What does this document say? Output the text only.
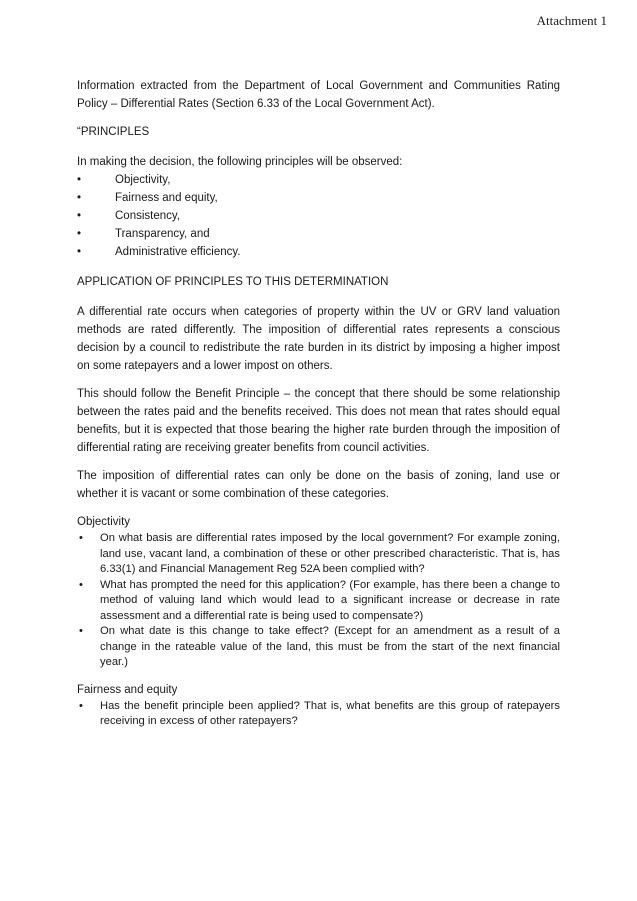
Attachment 1

Information extracted from the Department of Local Government and Communities Rating Policy – Differential Rates (Section 6.33 of the Local Government Act).

“PRINCIPLES

In making the decision, the following principles will be observed:

•	Objectivity,
•	Fairness and equity,
•	Consistency,
•	Transparency, and
•	Administrative efficiency.

APPLICATION OF PRINCIPLES TO THIS DETERMINATION

A differential rate occurs when categories of property within the UV or GRV land valuation methods are rated differently. The imposition of differential rates represents a conscious decision by a council to redistribute the rate burden in its district by imposing a higher impost on some ratepayers and a lower impost on others.

This should follow the Benefit Principle – the concept that there should be some relationship between the rates paid and the benefits received. This does not mean that rates should equal benefits, but it is expected that those bearing the higher rate burden through the imposition of differential rating are receiving greater benefits from council activities.

The imposition of differential rates can only be done on the basis of zoning, land use or whether it is vacant or some combination of these categories.

Objectivity

• On what basis are differential rates imposed by the local government? For example zoning, land use, vacant land, a combination of these or other prescribed characteristic. That is, has 6.33(1) and Financial Management Reg 52A been complied with?
• What has prompted the need for this application? (For example, has there been a change to method of valuing land which would lead to a significant increase or decrease in rate assessment and a differential rate is being used to compensate?)
• On what date is this change to take effect? (Except for an amendment as a result of a change in the rateable value of the land, this must be from the start of the next financial year.)

Fairness and equity

• Has the benefit principle been applied? That is, what benefits are this group of ratepayers receiving in excess of other ratepayers?
